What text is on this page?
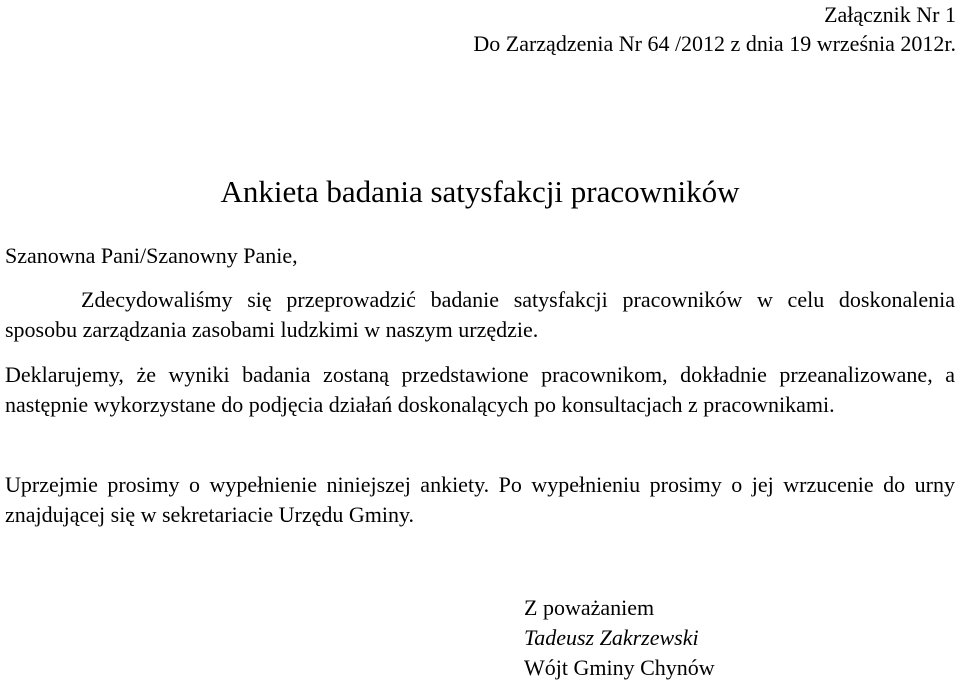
Załącznik Nr 1
Do Zarządzenia Nr 64 /2012 z dnia 19 września 2012r.
Ankieta badania satysfakcji pracowników
Szanowna Pani/Szanowny Panie,

Zdecydowaliśmy się przeprowadzić badanie satysfakcji pracowników w celu doskonalenia sposobu zarządzania zasobami ludzkimi w naszym urzędzie.

Deklarujemy, że wyniki badania zostaną przedstawione pracownikom, dokładnie przeanalizowane, a następnie wykorzystane do podjęcia działań doskonalących po konsultacjach z pracownikami.

Uprzejmie prosimy o wypełnienie niniejszej ankiety. Po wypełnieniu prosimy o jej wrzucenie do urny znajdującej się w sekretariacie Urzędu Gminy.

Z poważaniem
Tadeusz Zakrzewski
Wójt Gminy Chynów
